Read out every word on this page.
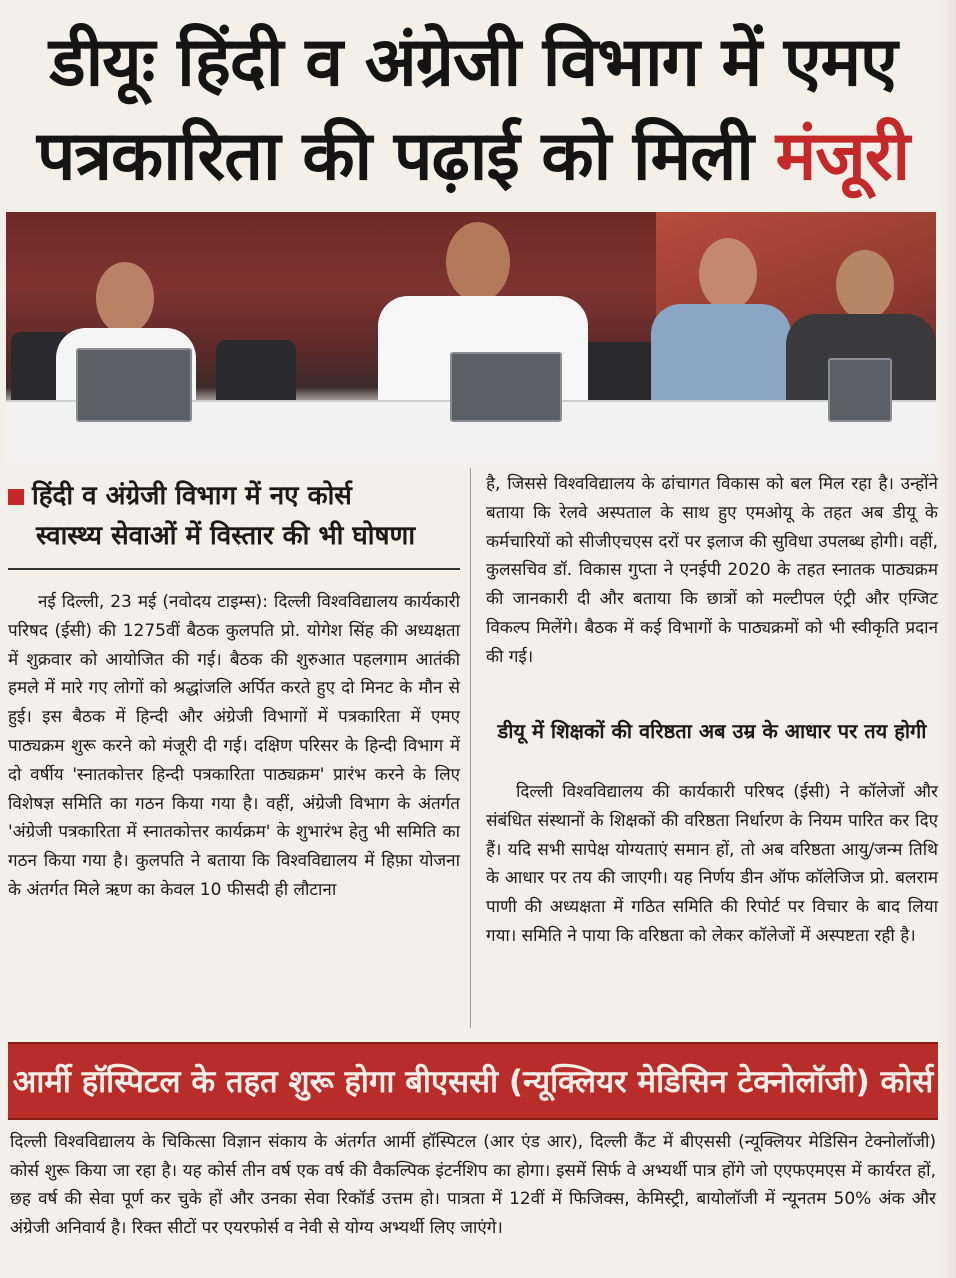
डीयूः हिंदी व अंग्रेजी विभाग में एमए
पत्रकारिता की पढ़ाई को मिली मंजूरी
हिंदी व अंग्रेजी विभाग में नए कोर्स
स्वास्थ्य सेवाओं में विस्तार की भी घोषणा
नई दिल्ली, 23 मई (नवोदय टाइम्स): दिल्ली विश्वविद्यालय कार्यकारी परिषद (ईसी) की 1275वीं बैठक कुलपति प्रो. योगेश सिंह की अध्यक्षता में शुक्रवार को आयोजित की गई। बैठक की शुरुआत पहलगाम आतंकी हमले में मारे गए लोगों को श्रद्धांजलि अर्पित करते हुए दो मिनट के मौन से हुई। इस बैठक में हिन्दी और अंग्रेजी विभागों में पत्रकारिता में एमए पाठ्यक्रम शुरू करने को मंजूरी दी गई। दक्षिण परिसर के हिन्दी विभाग में दो वर्षीय 'स्नातकोत्तर हिन्दी पत्रकारिता पाठ्यक्रम' प्रारंभ करने के लिए विशेषज्ञ समिति का गठन किया गया है। वहीं, अंग्रेजी विभाग के अंतर्गत 'अंग्रेजी पत्रकारिता में स्नातकोत्तर कार्यक्रम' के शुभारंभ हेतु भी समिति का गठन किया गया है। कुलपति ने बताया कि विश्वविद्यालय में हिफ़ा योजना के अंतर्गत मिले ऋण का केवल 10 फीसदी ही लौटाना
है, जिससे विश्वविद्यालय के ढांचागत विकास को बल मिल रहा है। उन्होंने बताया कि रेलवे अस्पताल के साथ हुए एमओयू के तहत अब डीयू के कर्मचारियों को सीजीएचएस दरों पर इलाज की सुविधा उपलब्ध होगी। वहीं, कुलसचिव डॉ. विकास गुप्ता ने एनईपी 2020 के तहत स्नातक पाठ्यक्रम की जानकारी दी और बताया कि छात्रों को मल्टीपल एंट्री और एग्जिट विकल्प मिलेंगे। बैठक में कई विभागों के पाठ्यक्रमों को भी स्वीकृति प्रदान की गई।
डीयू में शिक्षकों की वरिष्ठता अब उम्र के आधार पर तय होगी
दिल्ली विश्वविद्यालय की कार्यकारी परिषद (ईसी) ने कॉलेजों और संबंधित संस्थानों के शिक्षकों की वरिष्ठता निर्धारण के नियम पारित कर दिए हैं। यदि सभी सापेक्ष योग्यताएं समान हों, तो अब वरिष्ठता आयु/जन्म तिथि के आधार पर तय की जाएगी। यह निर्णय डीन ऑफ कॉलेजिज प्रो. बलराम पाणी की अध्यक्षता में गठित समिति की रिपोर्ट पर विचार के बाद लिया गया। समिति ने पाया कि वरिष्ठता को लेकर कॉलेजों में अस्पष्टता रही है।
आर्मी हॉस्पिटल के तहत शुरू होगा बीएससी (न्यूक्लियर मेडिसिन टेक्नोलॉजी) कोर्स
दिल्ली विश्वविद्यालय के चिकित्सा विज्ञान संकाय के अंतर्गत आर्मी हॉस्पिटल (आर एंड आर), दिल्ली कैंट में बीएससी (न्यूक्लियर मेडिसिन टेक्नोलॉजी) कोर्स शुरू किया जा रहा है। यह कोर्स तीन वर्ष एक वर्ष की वैकल्पिक इंटर्नशिप का होगा। इसमें सिर्फ वे अभ्यर्थी पात्र होंगे जो एएफएमएस में कार्यरत हों, छह वर्ष की सेवा पूर्ण कर चुके हों और उनका सेवा रिकॉर्ड उत्तम हो। पात्रता में 12वीं में फिजिक्स, केमिस्ट्री, बायोलॉजी में न्यूनतम 50% अंक और अंग्रेजी अनिवार्य है। रिक्त सीटों पर एयरफोर्स व नेवी से योग्य अभ्यर्थी लिए जाएंगे।
